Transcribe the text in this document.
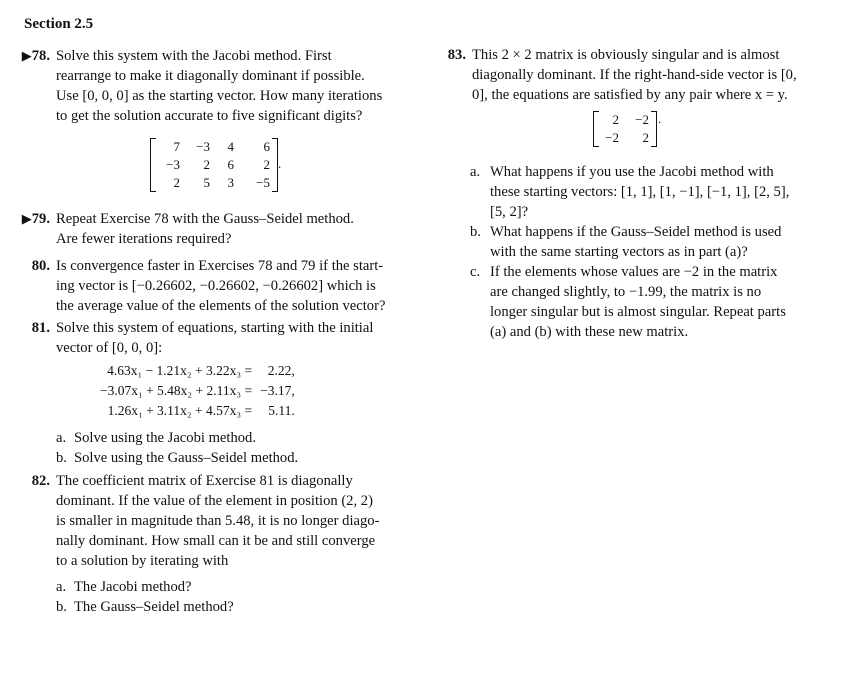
Section 2.5
▶78. Solve this system with the Jacobi method. First
rearrange to make it diagonally dominant if possible.
Use [0, 0, 0] as the starting vector. How many iterations
to get the solution accurate to five significant digits?
7	−3	4	6
−3	2	6	2
2	5	3	−5
.
▶79. Repeat Exercise 78 with the Gauss–Seidel method.
Are fewer iterations required?
80. Is convergence faster in Exercises 78 and 79 if the start-
ing vector is [−0.26602, −0.26602, −0.26602] which is
the average value of the elements of the solution vector?
81. Solve this system of equations, starting with the initial
vector of [0, 0, 0]:
4.63x₁ − 1.21x₂ + 3.22x₃ =	2.22,
−3.07x₁ + 5.48x₂ + 2.11x₃ =	−3.17,
1.26x₁ + 3.11x₂ + 4.57x₃ =	5.11.
a. Solve using the Jacobi method.
b. Solve using the Gauss–Seidel method.
82. The coefficient matrix of Exercise 81 is diagonally
dominant. If the value of the element in position (2, 2)
is smaller in magnitude than 5.48, it is no longer diago-
nally dominant. How small can it be and still converge
to a solution by iterating with
a. The Jacobi method?
b. The Gauss–Seidel method?
83. This 2 × 2 matrix is obviously singular and is almost
diagonally dominant. If the right-hand-side vector is [0,
0], the equations are satisfied by any pair where x = y.
2	−2
−2	2
.
a. What happens if you use the Jacobi method with
these starting vectors: [1, 1], [1, −1], [−1, 1], [2, 5],
[5, 2]?
b. What happens if the Gauss–Seidel method is used
with the same starting vectors as in part (a)?
c. If the elements whose values are −2 in the matrix
are changed slightly, to −1.99, the matrix is no
longer singular but is almost singular. Repeat parts
(a) and (b) with these new matrix.
